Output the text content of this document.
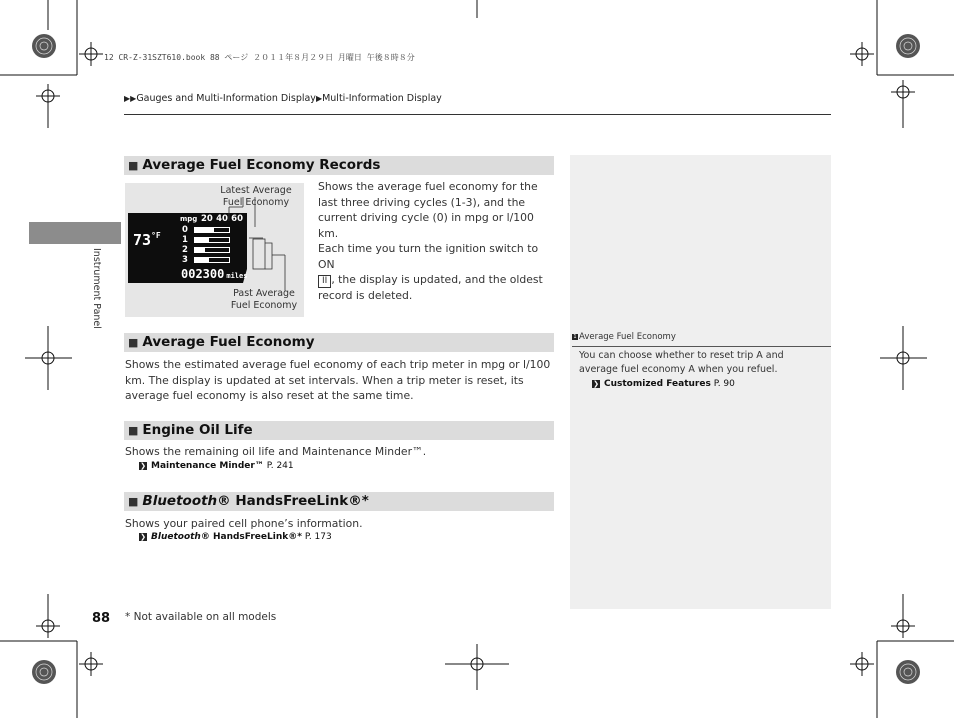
12 CR-Z-31SZT610.book 88 ページ ２０１１年８月２９日 月曜日 午後８時８分
▶▶Gauges and Multi-Information Display▶Multi-Information Display
Instrument Panel
■ Average Fuel Economy Records
Latest Average Fuel Economy
Past Average Fuel Economy
$73^{^\circ F}$
mpg 20 40 60
0
1
2
3
002300 miles
Shows the average fuel economy for the last three driving cycles (1-3), and the current driving cycle (0) in mpg or l/100 km.
Each time you turn the ignition switch to ON
II , the display is updated, and the oldest record is deleted.
■ Average Fuel Economy
Shows the estimated average fuel economy of each trip meter in mpg or l/100 km. The display is updated at set intervals. When a trip meter is reset, its average fuel economy is also reset at the same time.
■ Engine Oil Life
Shows the remaining oil life and Maintenance Minder™.
❯ Maintenance Minder™ P. 241
■ Bluetooth® HandsFreeLink®*
Shows your paired cell phone’s information.
❯ Bluetooth® HandsFreeLink®* P. 173
1 Average Fuel Economy
You can choose whether to reset trip A and average fuel economy A when you refuel.
❯ Customized Features P. 90
88 * Not available on all models
